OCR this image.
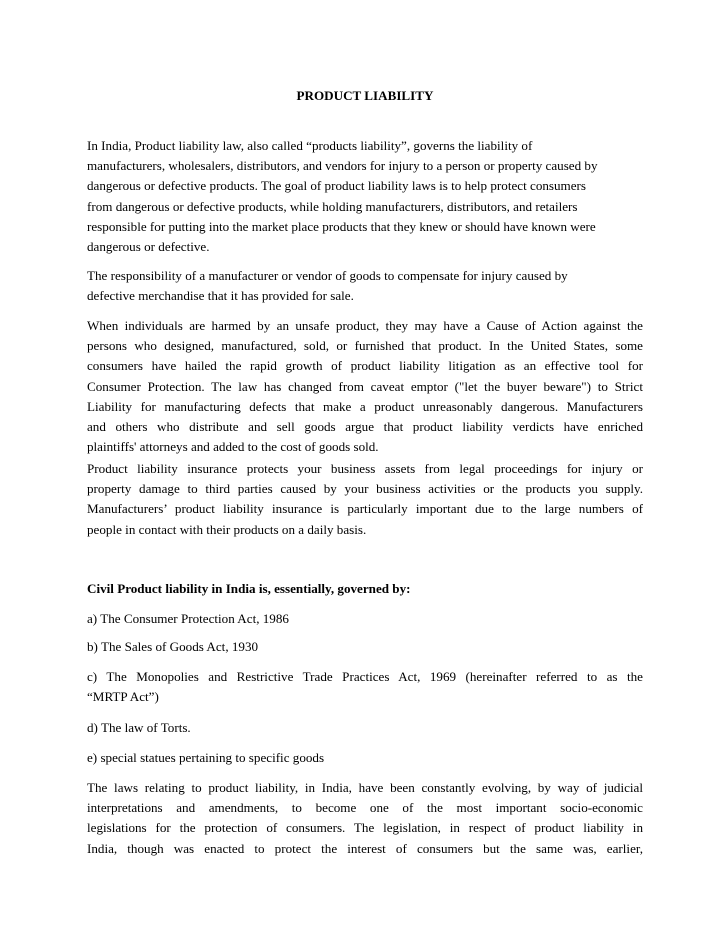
PRODUCT LIABILITY

In India, Product liability law, also called “products liability”, governs the liability of
manufacturers, wholesalers, distributors, and vendors for injury to a person or property caused by
dangerous or defective products. The goal of product liability laws is to help protect consumers
from dangerous or defective products, while holding manufacturers, distributors, and retailers
responsible for putting into the market place products that they knew or should have known were
dangerous or defective.

The responsibility of a manufacturer or vendor of goods to compensate for injury caused by
defective merchandise that it has provided for sale.

When individuals are harmed by an unsafe product, they may have a Cause of Action against the
persons who designed, manufactured, sold, or furnished that product. In the United States, some
consumers have hailed the rapid growth of product liability litigation as an effective tool for
Consumer Protection. The law has changed from caveat emptor ("let the buyer beware") to Strict
Liability for manufacturing defects that make a product unreasonably dangerous. Manufacturers
and others who distribute and sell goods argue that product liability verdicts have enriched
plaintiffs' attorneys and added to the cost of goods sold.

Product liability insurance protects your business assets from legal proceedings for injury or
property damage to third parties caused by your business activities or the products you supply.
Manufacturers’ product liability insurance is particularly important due to the large numbers of
people in contact with their products on a daily basis.

Civil Product liability in India is, essentially, governed by:

a) The Consumer Protection Act, 1986

b) The Sales of Goods Act, 1930

c) The Monopolies and Restrictive Trade Practices Act, 1969 (hereinafter referred to as the
“MRTP Act”)

d) The law of Torts.

e) special statues pertaining to specific goods

The laws relating to product liability, in India, have been constantly evolving, by way of judicial
interpretations and amendments, to become one of the most important socio-economic
legislations for the protection of consumers. The legislation, in respect of product liability in
India, though was enacted to protect the interest of consumers but the same was, earlier,
